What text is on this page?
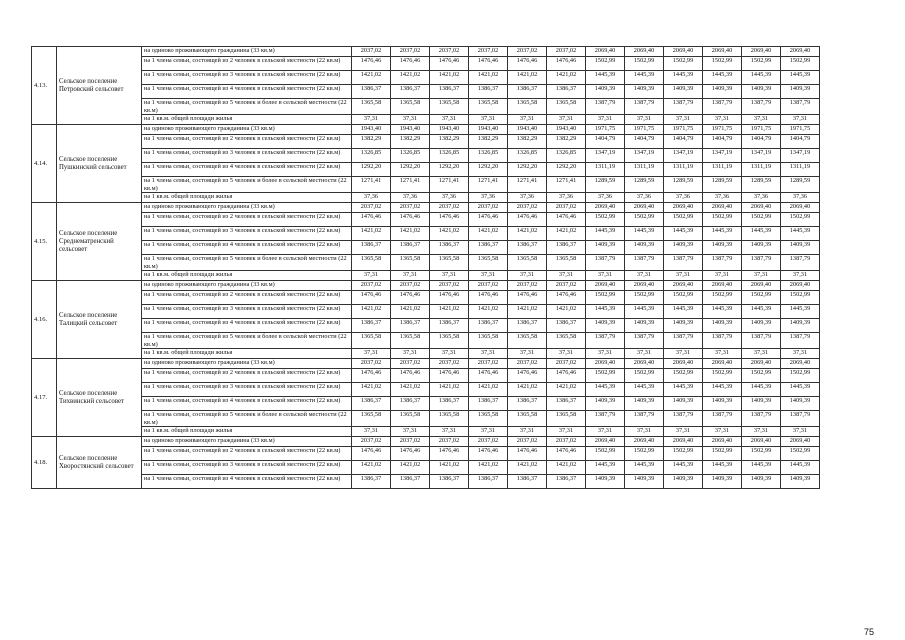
4.13.	Сельское поселение Петровский сельсовет	на одиноко проживающего гражданина (33 кв.м)	2037,02	2037,02	2037,02	2037,02	2037,02	2037,02	2069,40	2069,40	2069,40	2069,40	2069,40	2069,40
		на 1 члена семьи, состоящей из 2 человек в сельской местности (22 кв.м)	1476,46	1476,46	1476,46	1476,46	1476,46	1476,46	1502,99	1502,99	1502,99	1502,99	1502,99	1502,99
		на 1 члена семьи, состоящей из 3 человек в сельской местности (22 кв.м)	1421,02	1421,02	1421,02	1421,02	1421,02	1421,02	1445,39	1445,39	1445,39	1445,39	1445,39	1445,39
		на 1 члена семьи, состоящей из 4 человек в сельской местности (22 кв.м)	1386,37	1386,37	1386,37	1386,37	1386,37	1386,37	1409,39	1409,39	1409,39	1409,39	1409,39	1409,39
		на 1 члена семьи, состоящей из 5 человек и более в сельской местности (22 кв.м)	1365,58	1365,58	1365,58	1365,58	1365,58	1365,58	1387,79	1387,79	1387,79	1387,79	1387,79	1387,79
		на 1 кв.м. общей площади жилья	37,31	37,31	37,31	37,31	37,31	37,31	37,31	37,31	37,31	37,31	37,31	37,31
4.14.	Сельское поселение Пушкинский сельсовет	на одиноко проживающего гражданина (33 кв.м)	1943,40	1943,40	1943,40	1943,40	1943,40	1943,40	1971,75	1971,75	1971,75	1971,75	1971,75	1971,75
		на 1 члена семьи, состоящей из 2 человек в сельской местности (22 кв.м)	1382,29	1382,29	1382,29	1382,29	1382,29	1382,29	1404,79	1404,79	1404,79	1404,79	1404,79	1404,79
		на 1 члена семьи, состоящей из 3 человек в сельской местности (22 кв.м)	1326,85	1326,85	1326,85	1326,85	1326,85	1326,85	1347,19	1347,19	1347,19	1347,19	1347,19	1347,19
		на 1 члена семьи, состоящей из 4 человек в сельской местности (22 кв.м)	1292,20	1292,20	1292,20	1292,20	1292,20	1292,20	1311,19	1311,19	1311,19	1311,19	1311,19	1311,19
		на 1 члена семьи, состоящей из 5 человек и более в сельской местности (22 кв.м)	1271,41	1271,41	1271,41	1271,41	1271,41	1271,41	1289,59	1289,59	1289,59	1289,59	1289,59	1289,59
		на 1 кв.м. общей площади жилья	37,36	37,36	37,36	37,36	37,36	37,36	37,36	37,36	37,36	37,36	37,36	37,36
4.15.	Сельское поселение Среднематренский сельсовет	на одиноко проживающего гражданина (33 кв.м)	2037,02	2037,02	2037,02	2037,02	2037,02	2037,02	2069,40	2069,40	2069,40	2069,40	2069,40	2069,40
		на 1 члена семьи, состоящей из 2 человек в сельской местности (22 кв.м)	1476,46	1476,46	1476,46	1476,46	1476,46	1476,46	1502,99	1502,99	1502,99	1502,99	1502,99	1502,99
		на 1 члена семьи, состоящей из 3 человек в сельской местности (22 кв.м)	1421,02	1421,02	1421,02	1421,02	1421,02	1421,02	1445,39	1445,39	1445,39	1445,39	1445,39	1445,39
		на 1 члена семьи, состоящей из 4 человек в сельской местности (22 кв.м)	1386,37	1386,37	1386,37	1386,37	1386,37	1386,37	1409,39	1409,39	1409,39	1409,39	1409,39	1409,39
		на 1 члена семьи, состоящей из 5 человек и более в сельской местности (22 кв.м)	1365,58	1365,58	1365,58	1365,58	1365,58	1365,58	1387,79	1387,79	1387,79	1387,79	1387,79	1387,79
		на 1 кв.м. общей площади жилья	37,31	37,31	37,31	37,31	37,31	37,31	37,31	37,31	37,31	37,31	37,31	37,31
4.16.	Сельское поселение Талицкий сельсовет	на одиноко проживающего гражданина (33 кв.м)	2037,02	2037,02	2037,02	2037,02	2037,02	2037,02	2069,40	2069,40	2069,40	2069,40	2069,40	2069,40
		на 1 члена семьи, состоящей из 2 человек в сельской местности (22 кв.м)	1476,46	1476,46	1476,46	1476,46	1476,46	1476,46	1502,99	1502,99	1502,99	1502,99	1502,99	1502,99
		на 1 члена семьи, состоящей из 3 человек в сельской местности (22 кв.м)	1421,02	1421,02	1421,02	1421,02	1421,02	1421,02	1445,39	1445,39	1445,39	1445,39	1445,39	1445,39
		на 1 члена семьи, состоящей из 4 человек в сельской местности (22 кв.м)	1386,37	1386,37	1386,37	1386,37	1386,37	1386,37	1409,39	1409,39	1409,39	1409,39	1409,39	1409,39
		на 1 члена семьи, состоящей из 5 человек и более в сельской местности (22 кв.м)	1365,58	1365,58	1365,58	1365,58	1365,58	1365,58	1387,79	1387,79	1387,79	1387,79	1387,79	1387,79
		на 1 кв.м. общей площади жилья	37,31	37,31	37,31	37,31	37,31	37,31	37,31	37,31	37,31	37,31	37,31	37,31
4.17.	Сельское поселение Тихвинский сельсовет	на одиноко проживающего гражданина (33 кв.м)	2037,02	2037,02	2037,02	2037,02	2037,02	2037,02	2069,40	2069,40	2069,40	2069,40	2069,40	2069,40
		на 1 члена семьи, состоящей из 2 человек в сельской местности (22 кв.м)	1476,46	1476,46	1476,46	1476,46	1476,46	1476,46	1502,99	1502,99	1502,99	1502,99	1502,99	1502,99
		на 1 члена семьи, состоящей из 3 человек в сельской местности (22 кв.м)	1421,02	1421,02	1421,02	1421,02	1421,02	1421,02	1445,39	1445,39	1445,39	1445,39	1445,39	1445,39
		на 1 члена семьи, состоящей из 4 человек в сельской местности (22 кв.м)	1386,37	1386,37	1386,37	1386,37	1386,37	1386,37	1409,39	1409,39	1409,39	1409,39	1409,39	1409,39
		на 1 члена семьи, состоящей из 5 человек и более в сельской местности (22 кв.м)	1365,58	1365,58	1365,58	1365,58	1365,58	1365,58	1387,79	1387,79	1387,79	1387,79	1387,79	1387,79
		на 1 кв.м. общей площади жилья	37,31	37,31	37,31	37,31	37,31	37,31	37,31	37,31	37,31	37,31	37,31	37,31
4.18.	Сельское поселение Хворостянский сельсовет	на одиноко проживающего гражданина (33 кв.м)	2037,02	2037,02	2037,02	2037,02	2037,02	2037,02	2069,40	2069,40	2069,40	2069,40	2069,40	2069,40
		на 1 члена семьи, состоящей из 2 человек в сельской местности (22 кв.м)	1476,46	1476,46	1476,46	1476,46	1476,46	1476,46	1502,99	1502,99	1502,99	1502,99	1502,99	1502,99
		на 1 члена семьи, состоящей из 3 человек в сельской местности (22 кв.м)	1421,02	1421,02	1421,02	1421,02	1421,02	1421,02	1445,39	1445,39	1445,39	1445,39	1445,39	1445,39
		на 1 члена семьи, состоящей из 4 человек в сельской местности (22 кв.м)	1386,37	1386,37	1386,37	1386,37	1386,37	1386,37	1409,39	1409,39	1409,39	1409,39	1409,39	1409,39
75
